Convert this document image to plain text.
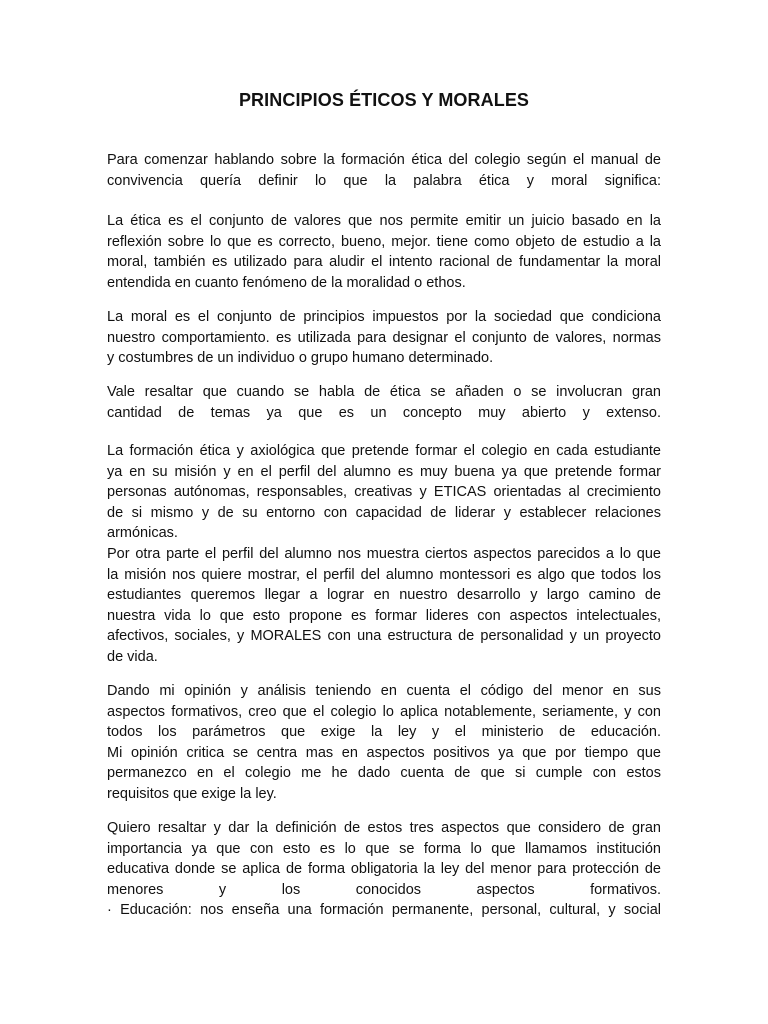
PRINCIPIOS ÉTICOS Y MORALES
Para comenzar hablando sobre la formación ética del colegio según el manual de
convivencia quería definir lo que la palabra ética y moral significa:
La ética es el conjunto de valores que nos permite emitir un juicio basado en la
reflexión sobre lo que es correcto, bueno, mejor. tiene como objeto de estudio a la
moral, también es utilizado para aludir el intento racional de fundamentar la moral
entendida en cuanto fenómeno de la moralidad o ethos.
La moral es el conjunto de principios impuestos por la sociedad que condiciona
nuestro comportamiento. es utilizada para designar el conjunto de valores, normas
y costumbres de un individuo o grupo humano determinado.
Vale resaltar que cuando se habla de ética se añaden o se involucran gran
cantidad de temas ya que es un concepto muy abierto y extenso.
La formación ética y axiológica que pretende formar el colegio en cada estudiante
ya en su misión y en el perfil del alumno es muy buena ya que pretende formar
personas autónomas, responsables, creativas y ETICAS orientadas al crecimiento
de si mismo y de su entorno con capacidad de liderar y establecer relaciones
armónicas.
Por otra parte el perfil del alumno nos muestra ciertos aspectos parecidos a lo que
la misión nos quiere mostrar, el perfil del alumno montessori es algo que todos los
estudiantes queremos llegar a lograr en nuestro desarrollo y largo camino de
nuestra vida lo que esto propone es formar lideres con aspectos intelectuales,
afectivos, sociales, y MORALES con una estructura de personalidad y un proyecto
de vida.
Dando mi opinión y análisis teniendo en cuenta el código del menor en sus
aspectos formativos, creo que el colegio lo aplica notablemente, seriamente, y con
todos los parámetros que exige la ley y el ministerio de educación.
Mi opinión critica se centra mas en aspectos positivos ya que por tiempo que
permanezco en el colegio me he dado cuenta de que si cumple con estos
requisitos que exige la ley.
Quiero resaltar y dar la definición de estos tres aspectos que considero de gran
importancia ya que con esto es lo que se forma lo que llamamos institución
educativa donde se aplica de forma obligatoria la ley del menor para protección de
menores y los conocidos aspectos formativos.
· Educación: nos enseña una formación permanente, personal, cultural, y social
